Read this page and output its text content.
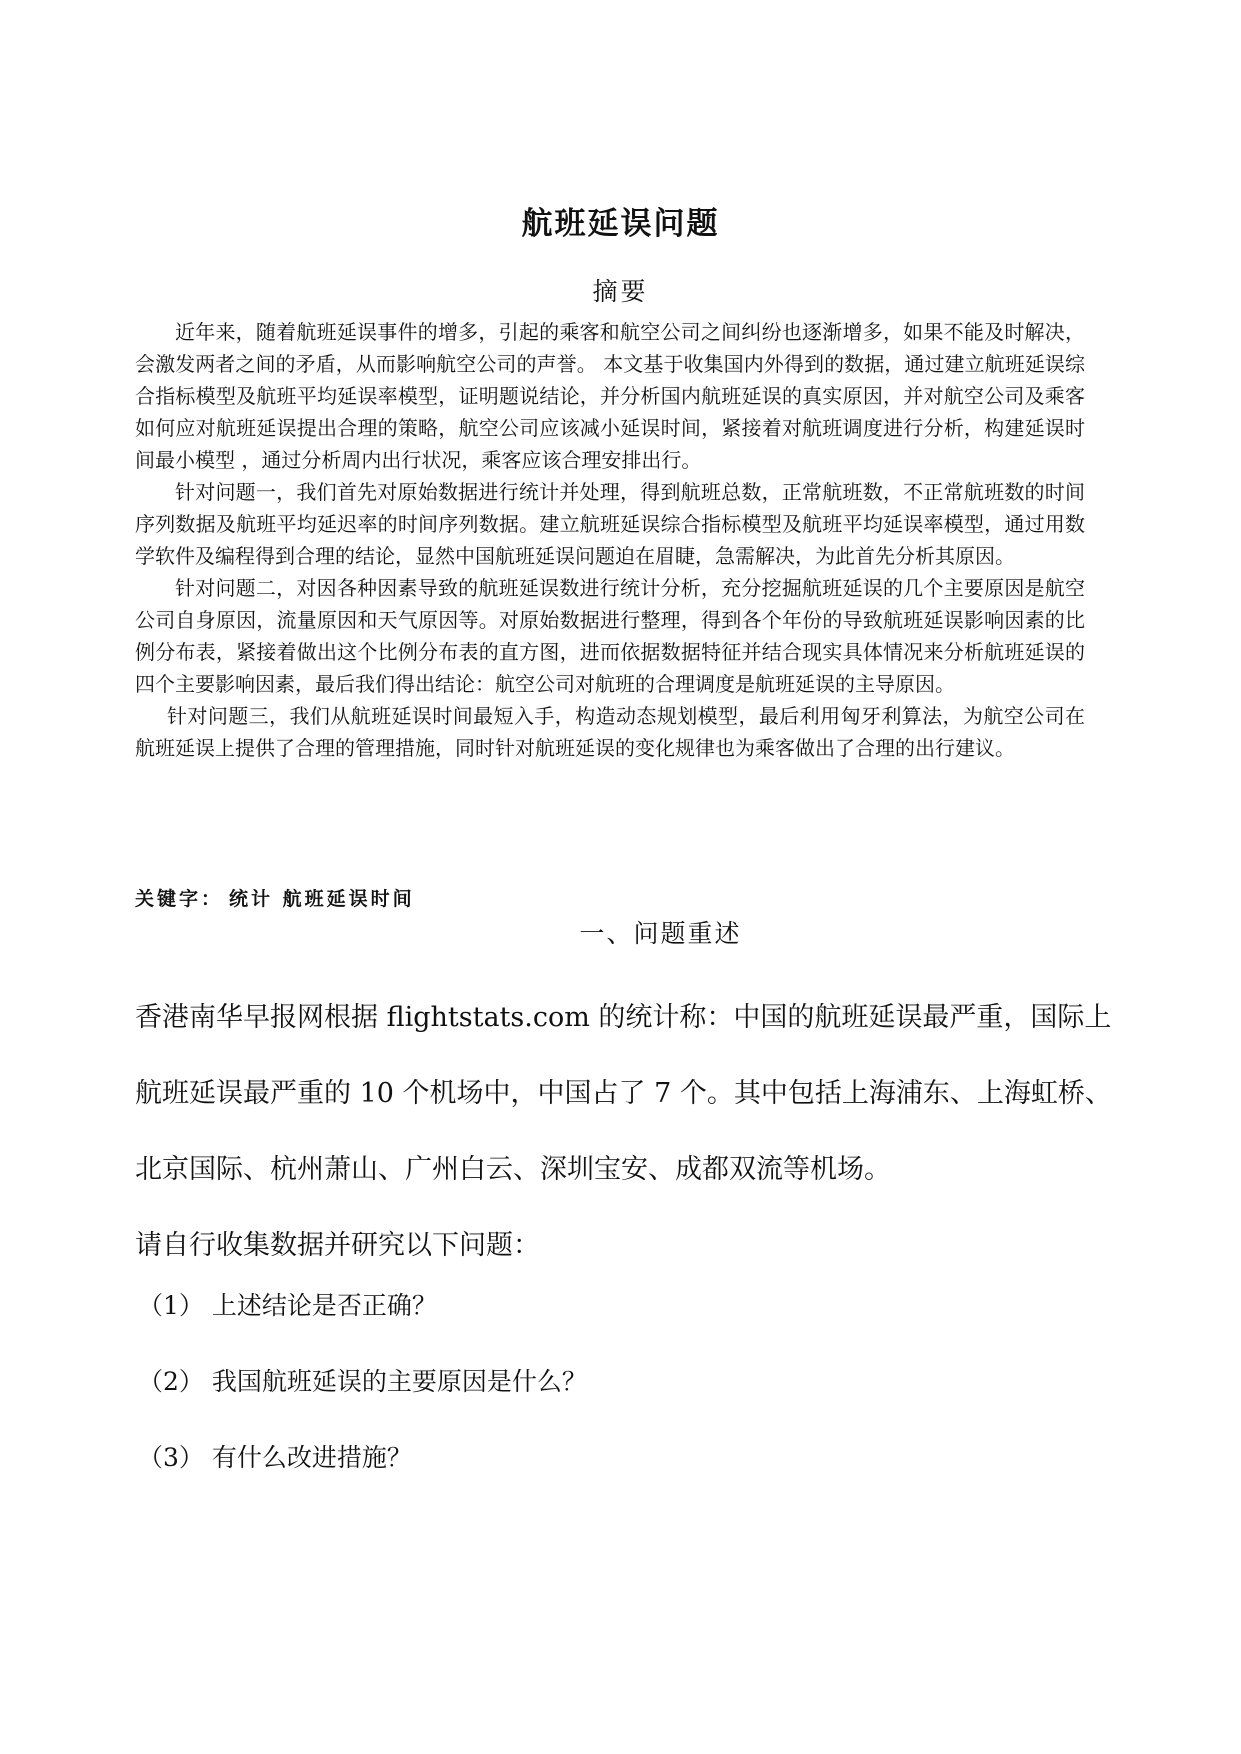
航班延误问题
摘要

近年来，随着航班延误事件的增多，引起的乘客和航空公司之间纠纷也逐渐增多，如果不能及时解决，会激发两者之间的矛盾，从而影响航空公司的声誉。 本文基于收集国内外得到的数据，通过建立航班延误综合指标模型及航班平均延误率模型，证明题说结论，并分析国内航班延误的真实原因，并对航空公司及乘客如何应对航班延误提出合理的策略，航空公司应该减小延误时间，紧接着对航班调度进行分析，构建延误时间最小模型 ，通过分析周内出行状况，乘客应该合理安排出行。

针对问题一，我们首先对原始数据进行统计并处理，得到航班总数，正常航班数，不正常航班数的时间序列数据及航班平均延迟率的时间序列数据。建立航班延误综合指标模型及航班平均延误率模型，通过用数学软件及编程得到合理的结论，显然中国航班延误问题迫在眉睫，急需解决，为此首先分析其原因。

针对问题二，对因各种因素导致的航班延误数进行统计分析，充分挖掘航班延误的几个主要原因是航空公司自身原因，流量原因和天气原因等。对原始数据进行整理，得到各个年份的导致航班延误影响因素的比例分布表，紧接着做出这个比例分布表的直方图，进而依据数据特征并结合现实具体情况来分析航班延误的四个主要影响因素，最后我们得出结论：航空公司对航班的合理调度是航班延误的主导原因。

针对问题三，我们从航班延误时间最短入手，构造动态规划模型，最后利用匈牙利算法，为航空公司在航班延误上提供了合理的管理措施，同时针对航班延误的变化规律也为乘客做出了合理的出行建议。

关键字： 统计 航班延误时间
一、问题重述

香港南华早报网根据 flightstats.com 的统计称：中国的航班延误最严重，国际上航班延误最严重的 10 个机场中，中国占了 7 个。其中包括上海浦东、上海虹桥、北京国际、杭州萧山、广州白云、深圳宝安、成都双流等机场。

请自行收集数据并研究以下问题：

（1） 上述结论是否正确？
（2） 我国航班延误的主要原因是什么？
（3） 有什么改进措施？
